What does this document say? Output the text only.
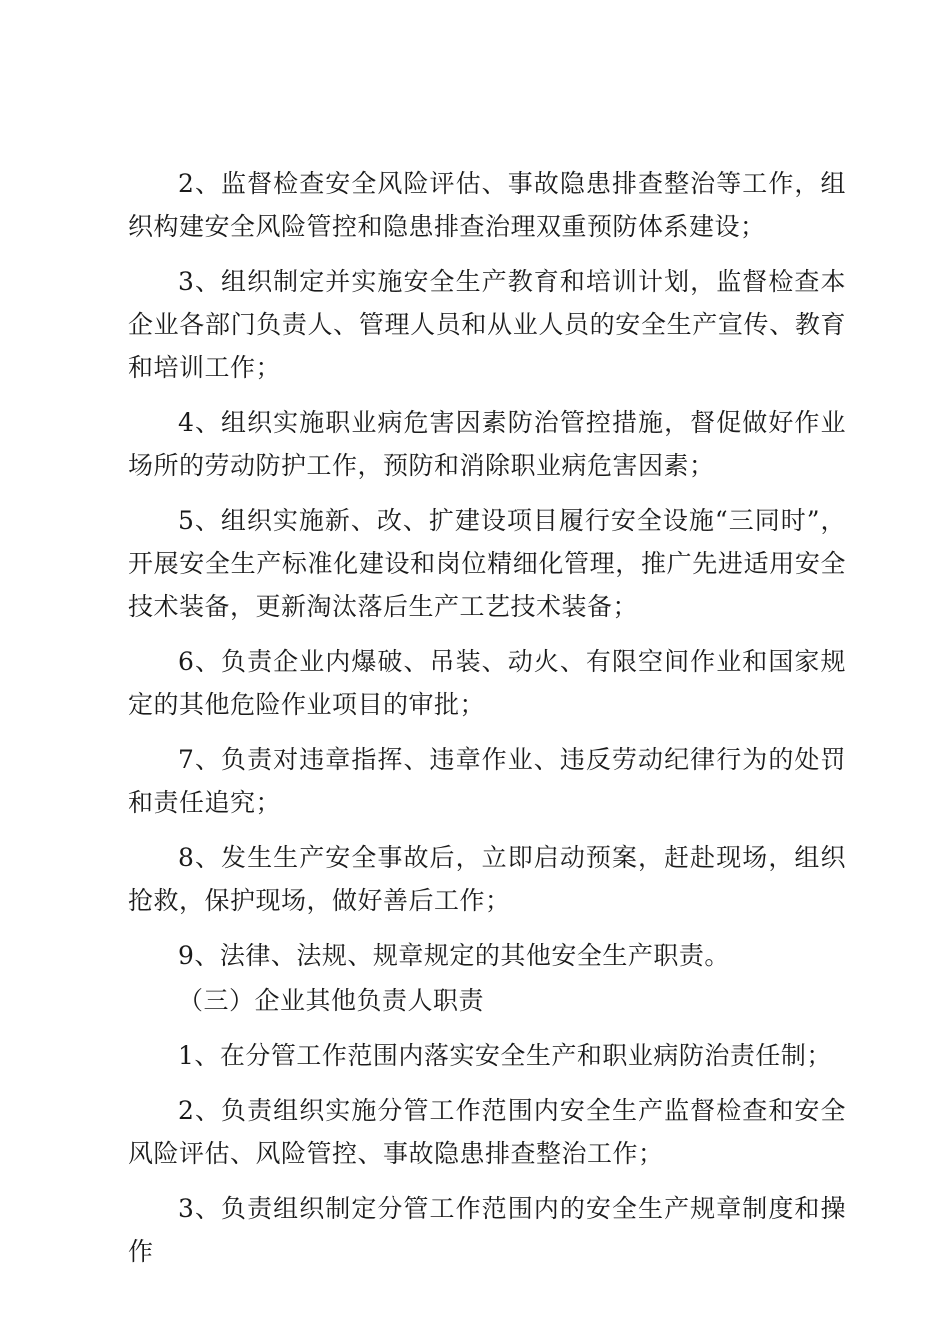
2、监督检查安全风险评估、事故隐患排查整治等工作，组织构建安全风险管控和隐患排查治理双重预防体系建设；

3、组织制定并实施安全生产教育和培训计划，监督检查本企业各部门负责人、管理人员和从业人员的安全生产宣传、教育和培训工作；

4、组织实施职业病危害因素防治管控措施，督促做好作业场所的劳动防护工作，预防和消除职业病危害因素；

5、组织实施新、改、扩建设项目履行安全设施“三同时”，开展安全生产标准化建设和岗位精细化管理，推广先进适用安全技术装备，更新淘汰落后生产工艺技术装备；

6、负责企业内爆破、吊装、动火、有限空间作业和国家规定的其他危险作业项目的审批；

7、负责对违章指挥、违章作业、违反劳动纪律行为的处罚和责任追究；

8、发生生产安全事故后，立即启动预案，赶赴现场，组织抢救，保护现场，做好善后工作；

9、法律、法规、规章规定的其他安全生产职责。

（三）企业其他负责人职责

1、在分管工作范围内落实安全生产和职业病防治责任制；

2、负责组织实施分管工作范围内安全生产监督检查和安全风险评估、风险管控、事故隐患排查整治工作；

3、负责组织制定分管工作范围内的安全生产规章制度和操作
